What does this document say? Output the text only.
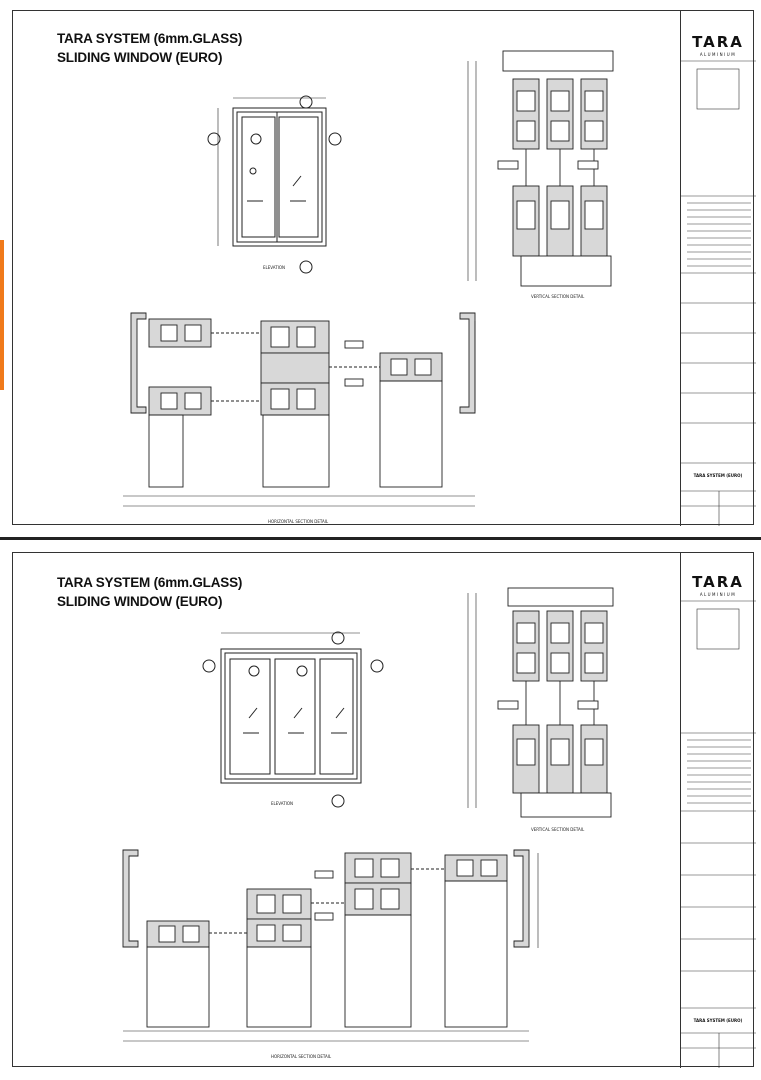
TARA SYSTEM (6mm.GLASS)
SLIDING WINDOW (EURO)
ELEVATION
VERTICAL SECTION DETAIL
HORIZONTAL SECTION DETAIL
TARA
ALUMINIUM
TARA SYSTEM (EURO)
TARA SYSTEM (6mm.GLASS)
SLIDING WINDOW (EURO)
ELEVATION
VERTICAL SECTION DETAIL
HORIZONTAL SECTION DETAIL
TARA
ALUMINIUM
TARA SYSTEM (EURO)
